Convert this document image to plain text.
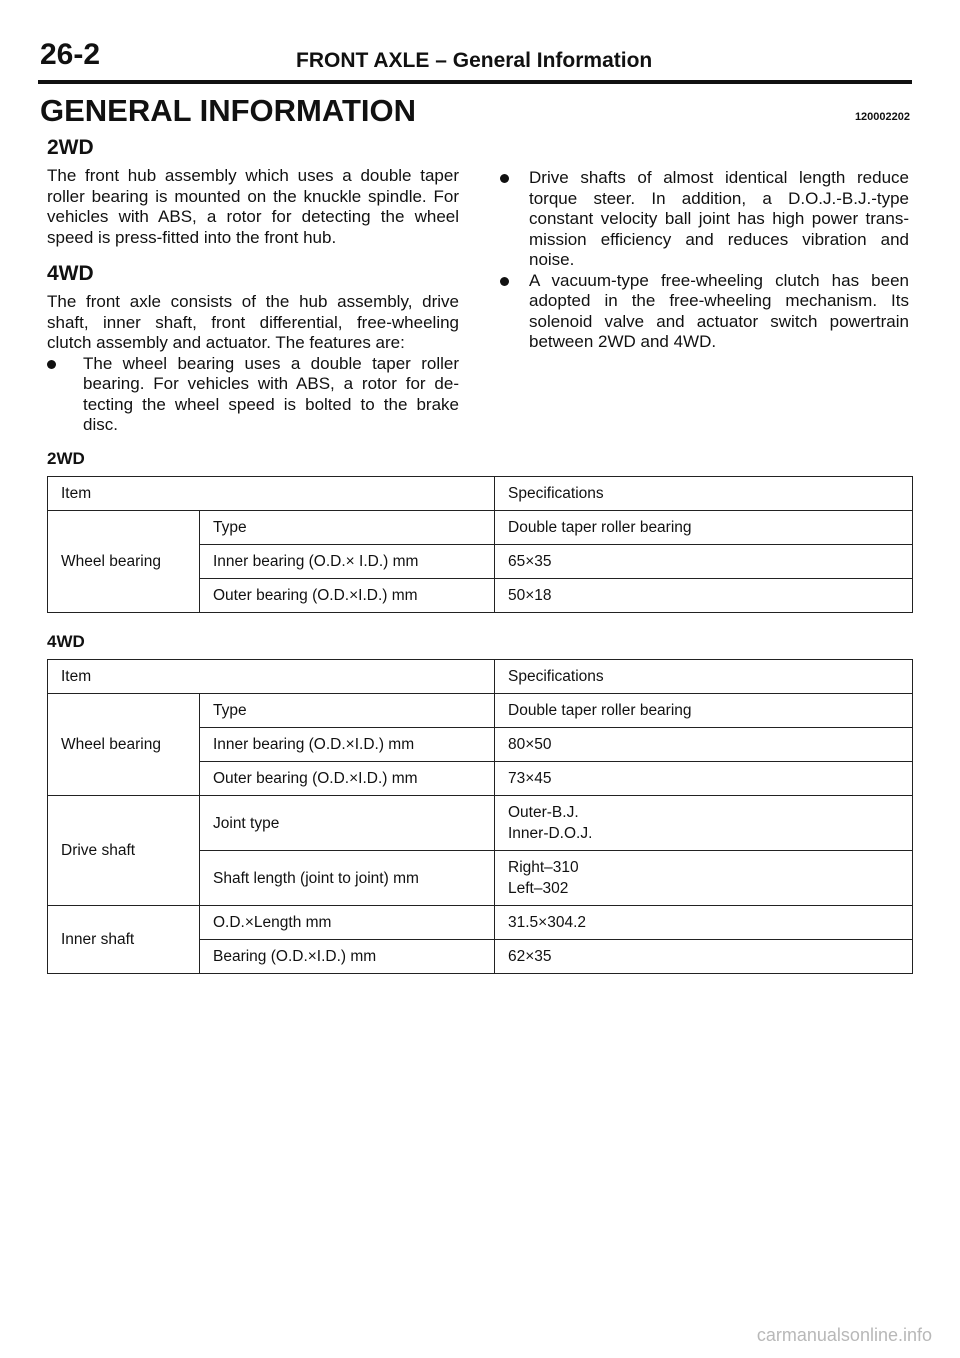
26-2	FRONT AXLE – General Information
GENERAL INFORMATION	120002202
2WD

The front hub assembly which uses a double taper roller bearing is mounted on the knuckle spindle. For vehicles with ABS, a rotor for detecting the wheel speed is press-fitted into the front hub.

4WD

The front axle consists of the hub assembly, drive shaft, inner shaft, front differential, free-wheeling clutch assembly and actuator. The features are:

The wheel bearing uses a double taper roller bearing. For vehicles with ABS, a rotor for de-tecting the wheel speed is bolted to the brake disc.
Drive shafts of almost identical length reduce torque steer. In addition, a D.O.J.-B.J.-type constant velocity ball joint has high power trans-mission efficiency and reduces vibration and noise.
A vacuum-type free-wheeling clutch has been adopted in the free-wheeling mechanism. Its solenoid valve and actuator switch powertrain between 2WD and 4WD.
2WD
Item		Specifications
Wheel bearing	Type	Double taper roller bearing
	Inner bearing (O.D.× I.D.) mm	65×35
	Outer bearing (O.D.×I.D.) mm	50×18
4WD
Item		Specifications
Wheel bearing	Type	Double taper roller bearing
	Inner bearing (O.D.×I.D.) mm	80×50
	Outer bearing (O.D.×I.D.) mm	73×45
Drive shaft	Joint type	Outer-B.J.
Inner-D.O.J.

	Shaft length (joint to joint) mm	Right–310
Left–302

Inner shaft	O.D.×Length mm	31.5×304.2
	Bearing (O.D.×I.D.) mm	62×35
carmanualsonline.info
